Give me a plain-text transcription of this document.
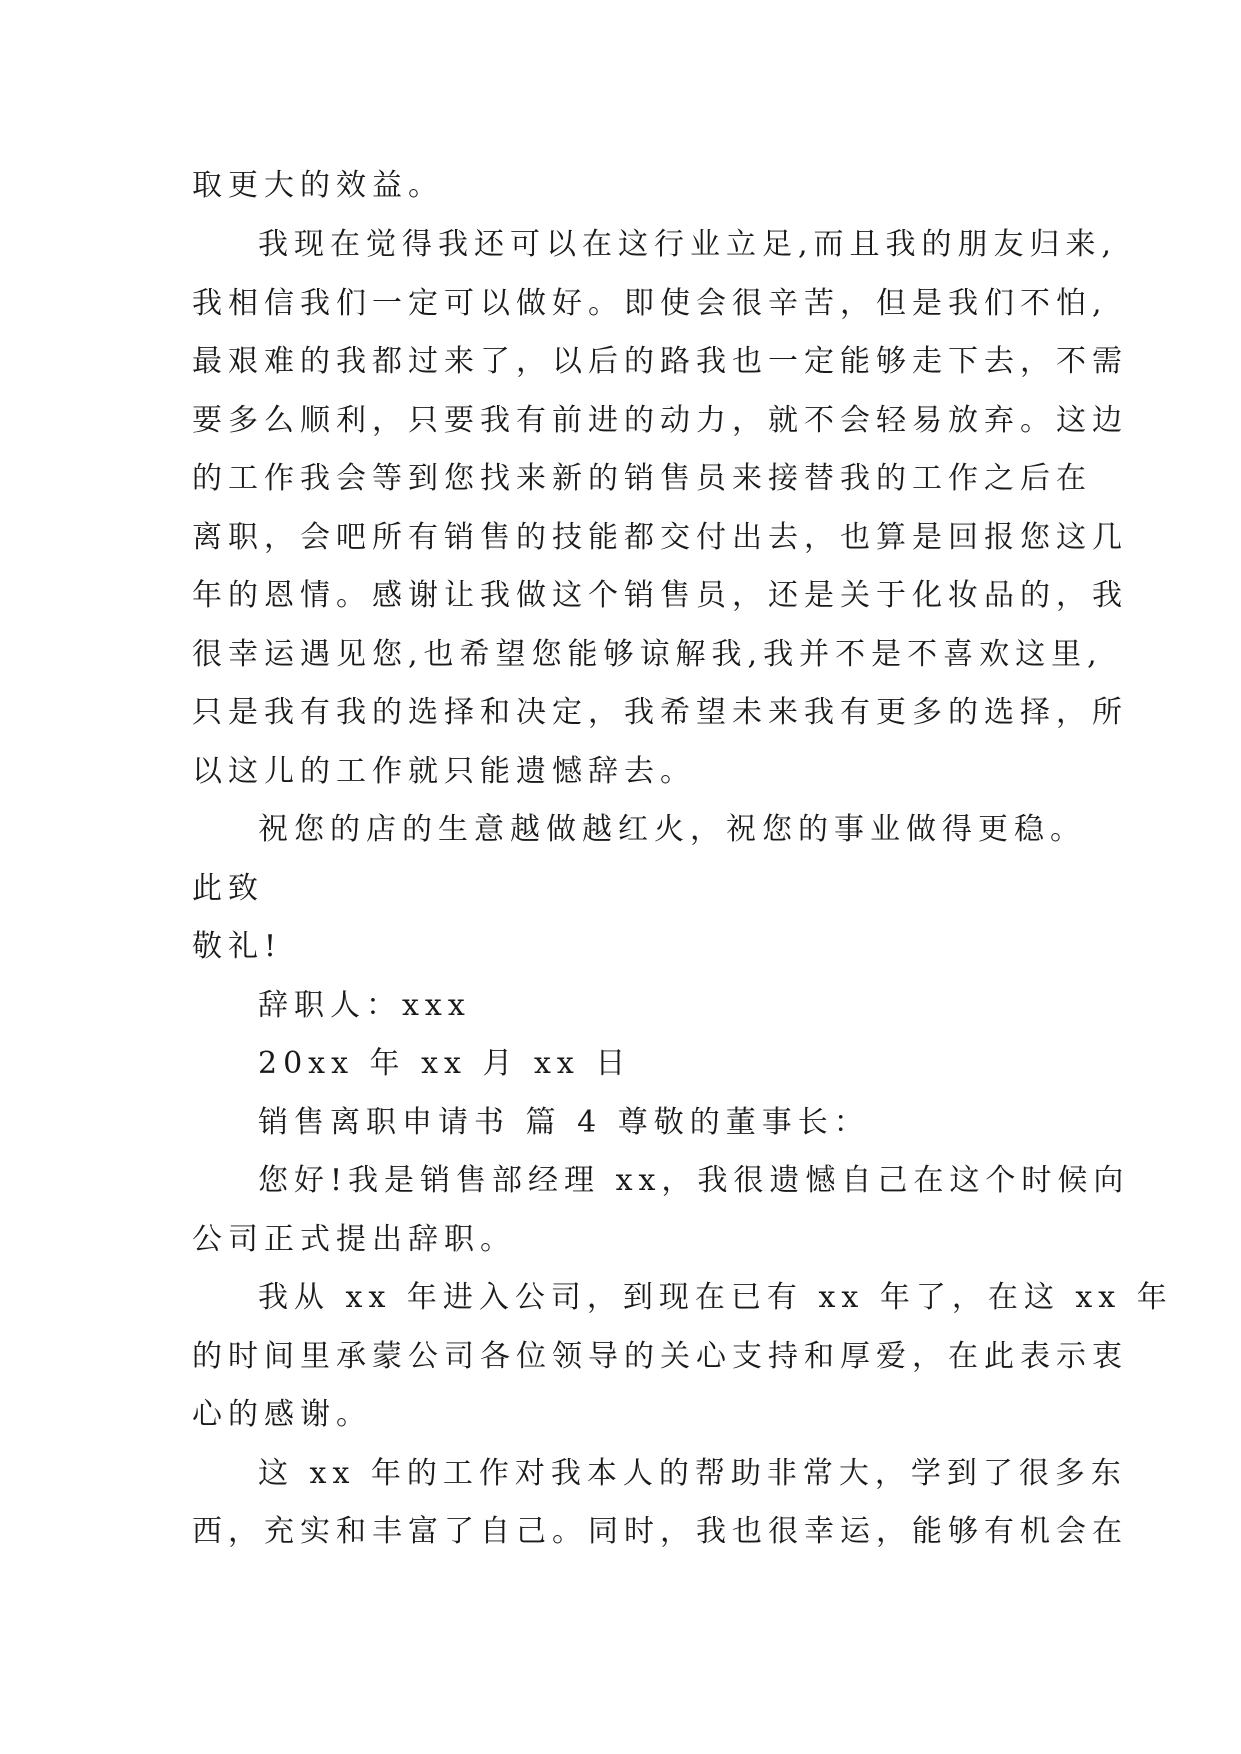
取更大的效益。
我现在觉得我还可以在这行业立足,而且我的朋友归来,
我相信我们一定可以做好。即使会很辛苦，但是我们不怕,
最艰难的我都过来了，以后的路我也一定能够走下去，不需
要多么顺利，只要我有前进的动力，就不会轻易放弃。这边
的工作我会等到您找来新的销售员来接替我的工作之后在
离职，会吧所有销售的技能都交付出去，也算是回报您这几
年的恩情。感谢让我做这个销售员，还是关于化妆品的，我
很幸运遇见您,也希望您能够谅解我,我并不是不喜欢这里,
只是我有我的选择和决定，我希望未来我有更多的选择，所
以这儿的工作就只能遗憾辞去。
祝您的店的生意越做越红火，祝您的事业做得更稳。
此致
敬礼!
辞职人：xxx
20xx 年 xx 月 xx 日
销售离职申请书 篇 4 尊敬的董事长：
您好!我是销售部经理 xx，我很遗憾自己在这个时候向
公司正式提出辞职。
我从 xx 年进入公司，到现在已有 xx 年了，在这 xx 年
的时间里承蒙公司各位领导的关心支持和厚爱，在此表示衷
心的感谢。
这 xx 年的工作对我本人的帮助非常大，学到了很多东
西，充实和丰富了自己。同时，我也很幸运，能够有机会在
